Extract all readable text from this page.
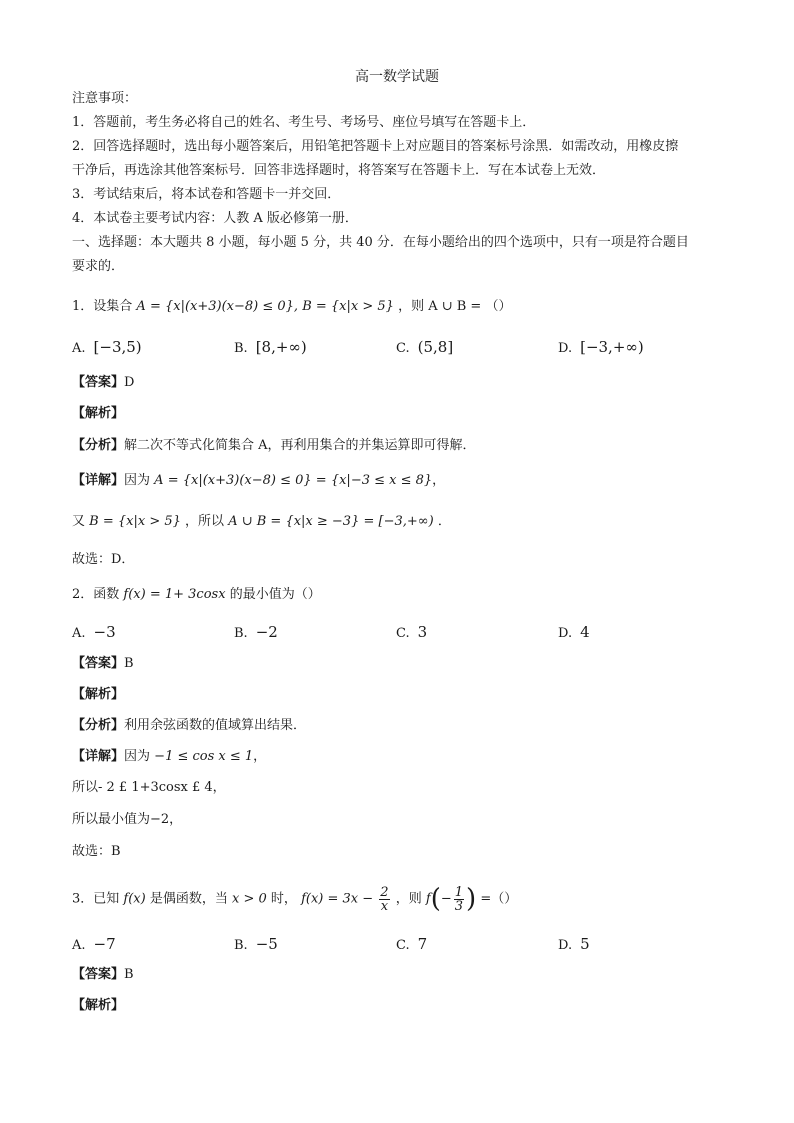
高一数学试题
注意事项：
1．答题前，考生务必将自己的姓名、考生号、考场号、座位号填写在答题卡上．
2．回答选择题时，选出每小题答案后，用铅笔把答题卡上对应题目的答案标号涂黑．如需改动，用橡皮擦
干净后，再选涂其他答案标号．回答非选择题时，将答案写在答题卡上．写在本试卷上无效．
3．考试结束后，将本试卷和答题卡一并交回．
4．本试卷主要考试内容：人教 A 版必修第一册．
一、选择题：本大题共 8 小题，每小题 5 分，共 40 分．在每小题给出的四个选项中，只有一项是符合题目
要求的．
1．设集合 A = {x|(x+3)(x−8) ≤ 0}, B = {x|x > 5} ，则 A ∪ B = （）
A. [−3,5)	B. [8,+∞)	C. (5,8]	D. [−3,+∞)
【答案】D
【解析】
【分析】解二次不等式化简集合 A，再利用集合的并集运算即可得解．
【详解】因为 A = {x|(x+3)(x−8) ≤ 0} = {x|−3 ≤ x ≤ 8}，
又 B = {x|x > 5} ，所以 A ∪ B = {x|x ≥ −3} = [−3,+∞) ．
故选：D．
2．函数 f(x) = 1+ 3cosx 的最小值为（）
A. −3	B. −2	C. 3	D. 4
【答案】B
【解析】
【分析】利用余弦函数的值域算出结果．
【详解】因为 −1 ≤ cos x ≤ 1，
所以- 2 £ 1+3cosx £ 4，
所以最小值为−2，
故选：B
3．已知 f(x) 是偶函数，当 x > 0 时， $f(x) = 3x - \frac{2}{x}$ ，则 $f(- \frac{1}{3}$ ) =（）
A. −7	B. −5	C. 7	D. 5
【答案】B
【解析】
